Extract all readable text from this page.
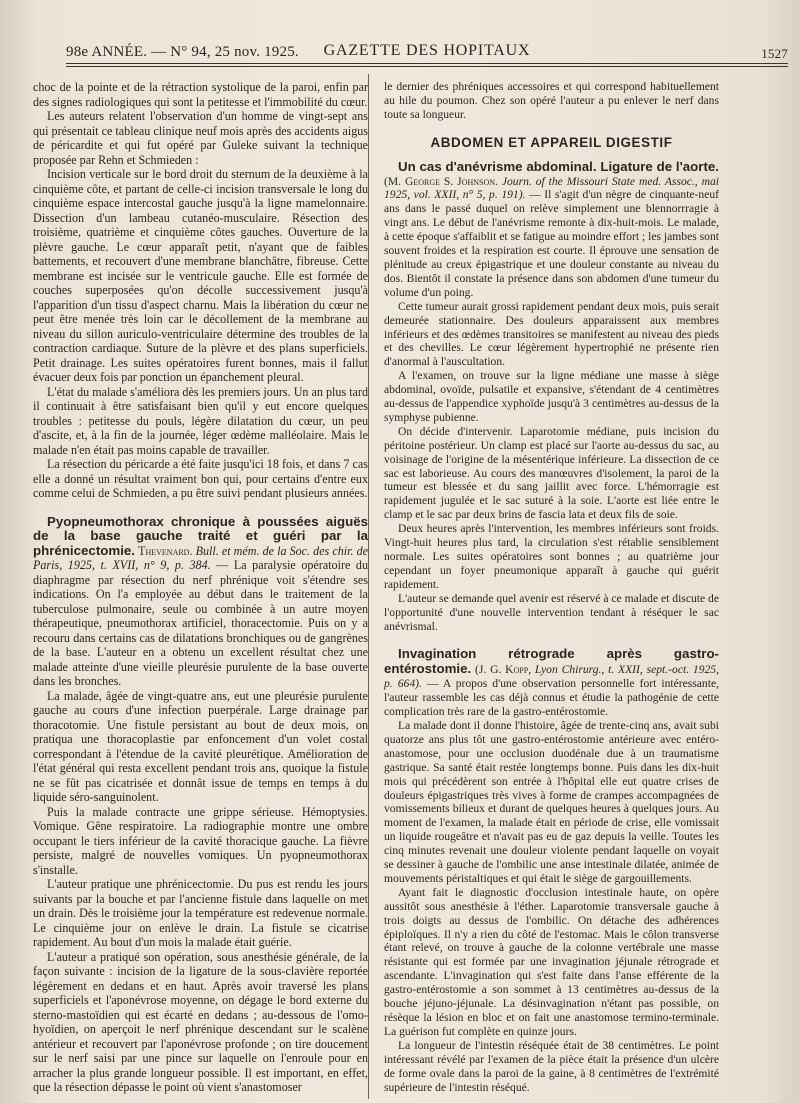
98e ANNÉE. — N° 94, 25 nov. 1925.	GAZETTE DES HOPITAUX	1527

choc de la pointe et de la rétraction systolique de la paroi, enfin par des signes radiologiques qui sont la petitesse et l'immobilité du cœur.

Les auteurs relatent l'observation d'un homme de vingt-sept ans qui présentait ce tableau clinique neuf mois après des accidents aigus de péricardite et qui fut opéré par Guleke suivant la technique proposée par Rehn et Schmieden :

Incision verticale sur le bord droit du sternum de la deuxième à la cinquième côte, et partant de celle-ci incision transversale le long du cinquième espace intercostal gauche jusqu'à la ligne mamelonnaire. Dissection d'un lambeau cutanéo-musculaire. Résection des troisième, quatrième et cinquième côtes gauches. Ouverture de la plèvre gauche. Le cœur apparaît petit, n'ayant que de faibles battements, et recouvert d'une membrane blanchâtre, fibreuse. Cette membrane est incisée sur le ventricule gauche. Elle est formée de couches superposées qu'on décolle successivement jusqu'à l'apparition d'un tissu d'aspect charnu. Mais la libération du cœur ne peut être menée très loin car le décollement de la membrane au niveau du sillon auriculo-ventriculaire détermine des troubles de la contraction cardiaque. Suture de la plèvre et des plans superficiels. Petit drainage. Les suites opératoires furent bonnes, mais il fallut évacuer deux fois par ponction un épanchement pleural.

L'état du malade s'améliora dès les premiers jours. Un an plus tard il continuait à être satisfaisant bien qu'il y eut encore quelques troubles : petitesse du pouls, légère dilatation du cœur, un peu d'ascite, et, à la fin de la journée, léger œdème malléolaire. Mais le malade n'en était pas moins capable de travailler.

La résection du péricarde a été faite jusqu'ici 18 fois, et dans 7 cas elle a donné un résultat vraiment bon qui, pour certains d'entre eux comme celui de Schmieden, a pu être suivi pendant plusieurs années.

Pyopneumothorax chronique à poussées aiguës de la base gauche traité et guéri par la phrénicectomie. Thevenard. Bull. et mém. de la Soc. des chir. de Paris, 1925, t. XVII, n° 9, p. 384. — La paralysie opératoire du diaphragme par résection du nerf phrénique voit s'étendre ses indications. On l'a employée au début dans le traitement de la tuberculose pulmonaire, seule ou combinée à un autre moyen thérapeutique, pneumothorax artificiel, thoracectomie. Puis on y a recouru dans certains cas de dilatations bronchiques ou de gangrènes de la base. L'auteur en a obtenu un excellent résultat chez une malade atteinte d'une vieille pleurésie purulente de la base ouverte dans les bronches.

La malade, âgée de vingt-quatre ans, eut une pleurésie purulente gauche au cours d'une infection puerpérale. Large drainage par thoracotomie. Une fistule persistant au bout de deux mois, on pratiqua une thoracoplastie par enfoncement d'un volet costal correspondant à l'étendue de la cavité pleurétique. Amélioration de l'état général qui resta excellent pendant trois ans, quoique la fistule ne se fût pas cicatrisée et donnât issue de temps en temps à du liquide séro-sanguinolent.

Puis la malade contracte une grippe sérieuse. Hémoptysies. Vomique. Gêne respiratoire. La radiographie montre une ombre occupant le tiers inférieur de la cavité thoracique gauche. La fièvre persiste, malgré de nouvelles vomiques. Un pyopneumothorax s'installe.

L'auteur pratique une phrénicectomie. Du pus est rendu les jours suivants par la bouche et par l'ancienne fistule dans laquelle on met un drain. Dès le troisième jour la température est redevenue normale. Le cinquième jour on enlève le drain. La fistule se cicatrise rapidement. Au bout d'un mois la malade était guérie.

L'auteur a pratiqué son opération, sous anesthésie générale, de la façon suivante : incision de la ligature de la sous-clavière reportée légèrement en dedans et en haut. Après avoir traversé les plans superficiels et l'aponévrose moyenne, on dégage le bord externe du sterno-mastoïdien qui est écarté en dedans ; au-dessous de l'omo-hyoïdien, on aperçoit le nerf phrénique descendant sur le scalène antérieur et recouvert par l'aponévrose profonde ; on tire doucement sur le nerf saisi par une pince sur laquelle on l'enroule pour en arracher la plus grande longueur possible. Il est important, en effet, que la résection dépasse le point où vient s'anastomoser

le dernier des phréniques accessoires et qui correspond habituellement au hile du poumon. Chez son opéré l'auteur a pu enlever le nerf dans toute sa longueur.

ABDOMEN ET APPAREIL DIGESTIF

Un cas d'anévrisme abdominal. Ligature de l'aorte. (M. George S. Johnson. Journ. of the Missouri State med. Assoc., mai 1925, vol. XXII, n° 5, p. 191). — Il s'agit d'un nègre de cinquante-neuf ans dans le passé duquel on relève simplement une blennorrragie à vingt ans. Le début de l'anévrisme remonte à dix-huit-mois. Le malade, à cette époque s'affaiblit et se fatigue au moindre effort ; les jambes sont souvent froides et la respiration est courte. Il éprouve une sensation de plénitude au creux épigastrique et une douleur constante au niveau du dos. Bientôt il constate la présence dans son abdomen d'une tumeur du volume d'un poing.

Cette tumeur aurait grossi rapidement pendant deux mois, puis serait demeurée stationnaire. Des douleurs apparaissent aux membres inférieurs et des œdèmes transitoires se manifestent au niveau des pieds et des chevilles. Le cœur légèrement hypertrophié ne présente rien d'anormal à l'auscultation.

A l'examen, on trouve sur la ligne médiane une masse à siège abdominal, ovoïde, pulsatile et expansive, s'étendant de 4 centimètres au-dessus de l'appendice xyphoïde jusqu'à 3 centimètres au-dessus de la symphyse pubienne.

On décide d'intervenir. Laparotomie médiane, puis incision du péritoine postérieur. Un clamp est placé sur l'aorte au-dessus du sac, au voisinage de l'origine de la mésentérique inférieure. La dissection de ce sac est laborieuse. Au cours des manœuvres d'isolement, la paroi de la tumeur est blessée et du sang jaillit avec force. L'hémorragie est rapidement jugulée et le sac suturé à la soie. L'aorte est liée entre le clamp et le sac par deux brins de fascia lata et deux fils de soie.

Deux heures après l'intervention, les membres inférieurs sont froids. Vingt-huit heures plus tard, la circulation s'est rétablie sensiblement normale. Les suites opératoires sont bonnes ; au quatrième jour cependant un foyer pneumonique apparaît à gauche qui guérit rapidement.

L'auteur se demande quel avenir est réservé à ce malade et discute de l'opportunité d'une nouvelle intervention tendant à réséquer le sac anévrismal.

Invagination rétrograde après gastro-entérostomie. (J. G. Kopp, Lyon Chirurg., t. XXII, sept.-oct. 1925, p. 664). — A propos d'une observation personnelle fort intéressante, l'auteur rassemble les cas déjà connus et étudie la pathogénie de cette complication très rare de la gastro-entérostomie.

La malade dont il donne l'histoire, âgée de trente-cinq ans, avait subi quatorze ans plus tôt une gastro-entérostomie antérieure avec entéro-anastomose, pour une occlusion duodénale due à un traumatisme gastrique. Sa santé était restée longtemps bonne. Puis dans les dix-huit mois qui précédèrent son entrée à l'hôpital elle eut quatre crises de douleurs épigastriques très vives à forme de crampes accompagnées de vomissements bilieux et durant de quelques heures à quelques jours. Au moment de l'examen, la malade était en période de crise, elle vomissait un liquide rougeâtre et n'avait pas eu de gaz depuis la veille. Toutes les cinq minutes revenait une douleur violente pendant laquelle on voyait se dessiner à gauche de l'ombilic une anse intestinale dilatée, animée de mouvements péristaltiques et qui était le siège de gargouillements.

Ayant fait le diagnostic d'occlusion intestinale haute, on opère aussitôt sous anesthésie à l'éther. Laparotomie transversale gauche à trois doigts au dessus de l'ombilic. On détache des adhérences épiploïques. Il n'y a rien du côté de l'estomac. Mais le côlon transverse étant relevé, on trouve à gauche de la colonne vertébrale une masse résistante qui est formée par une invagination jéjunale rétrograde et ascendante. L'invagination qui s'est faite dans l'anse efférente de la gastro-entérostomie a son sommet à 13 centimètres au-dessus de la bouche jéjuno-jéjunale. La désinvagination n'étant pas possible, on résèque la lésion en bloc et on fait une anastomose termino-terminale. La guérison fut complète en quinze jours.

La longueur de l'intestin réséquée était de 38 centimètres. Le point intéressant révélé par l'examen de la pièce était la présence d'un ulcère de forme ovale dans la paroi de la gaine, à 8 centimètres de l'extrémité supérieure de l'intestin réséqué.
